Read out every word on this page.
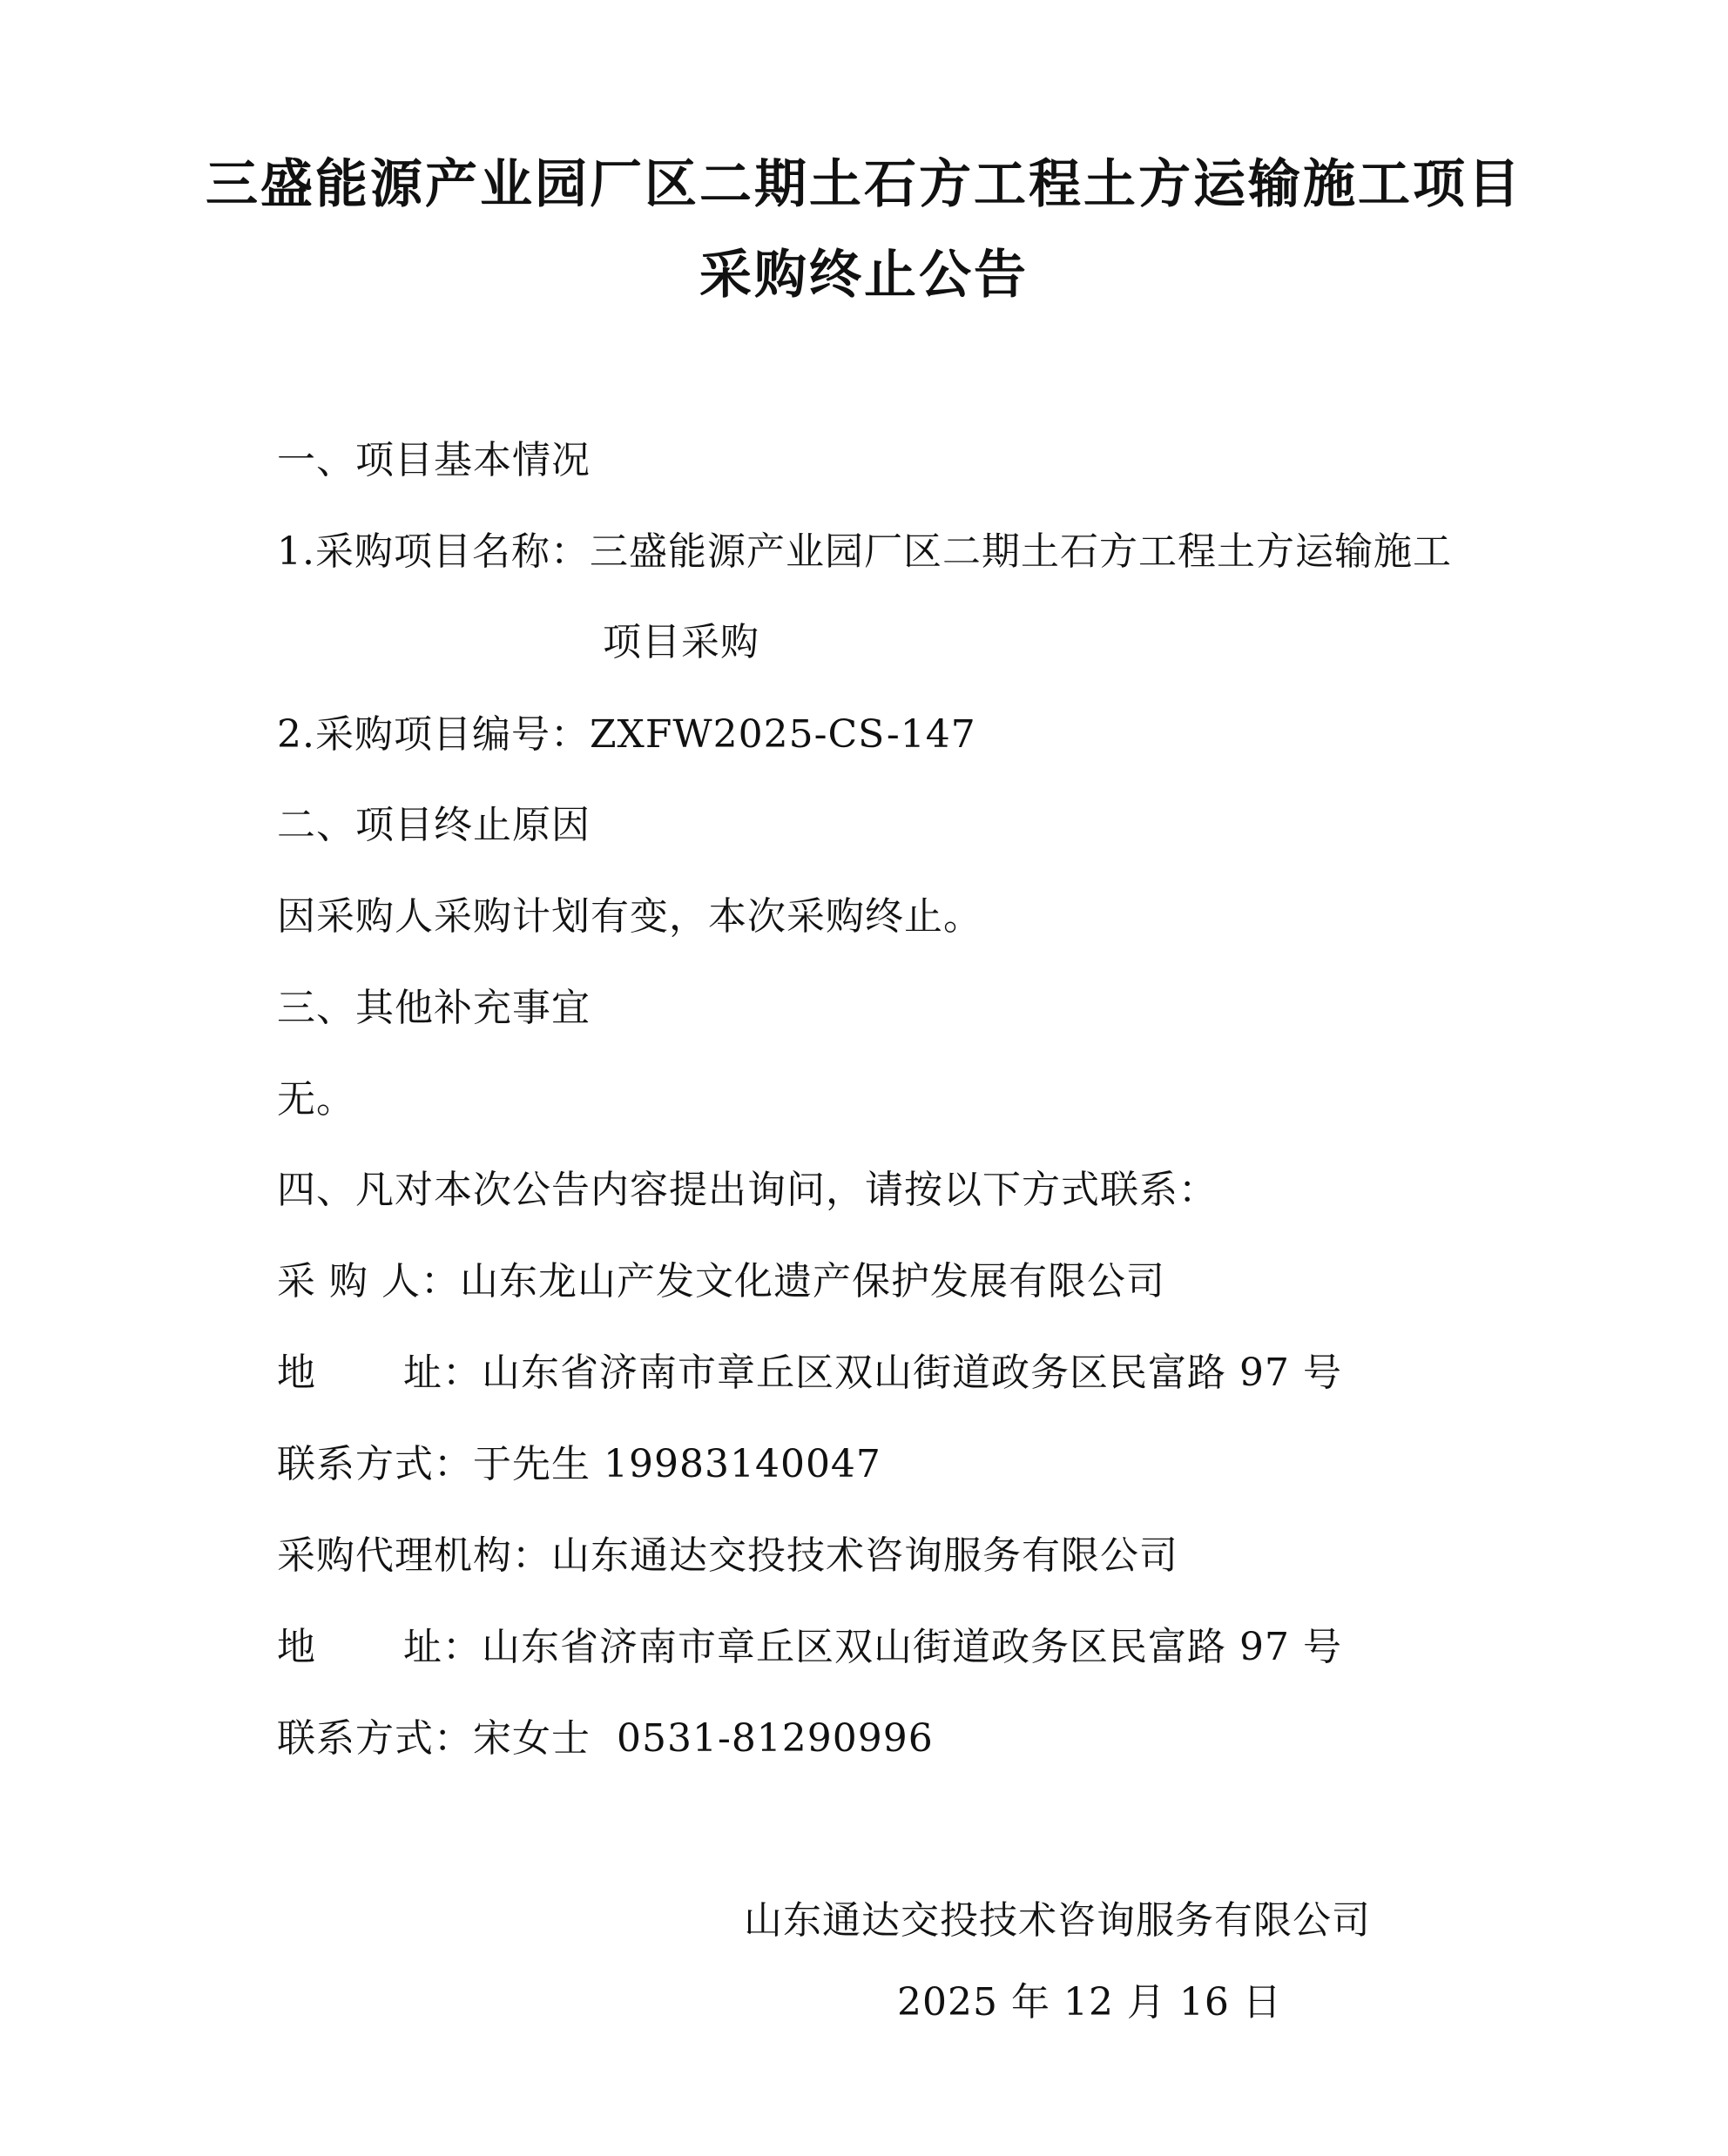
三盛能源产业园厂区二期土石方工程土方运输施工项目
采购终止公告
一、项目基本情况
1.采购项目名称：三盛能源产业园厂区二期土石方工程土方运输施工
项目采购
2.采购项目编号：ZXFW2025-CS-147
二、项目终止原因
因采购人采购计划有变，本次采购终止。
三、其他补充事宜
无。
四、凡对本次公告内容提出询问，请按以下方式联系：
采 购 人：山东龙山产发文化遗产保护发展有限公司
地 址：山东省济南市章丘区双山街道政务区民富路 97 号
联系方式：于先生 19983140047
采购代理机构：山东通达交投技术咨询服务有限公司
地 址：山东省济南市章丘区双山街道政务区民富路 97 号
联系方式：宋女士  0531-81290996
山东通达交投技术咨询服务有限公司
2025 年 12 月 16 日
